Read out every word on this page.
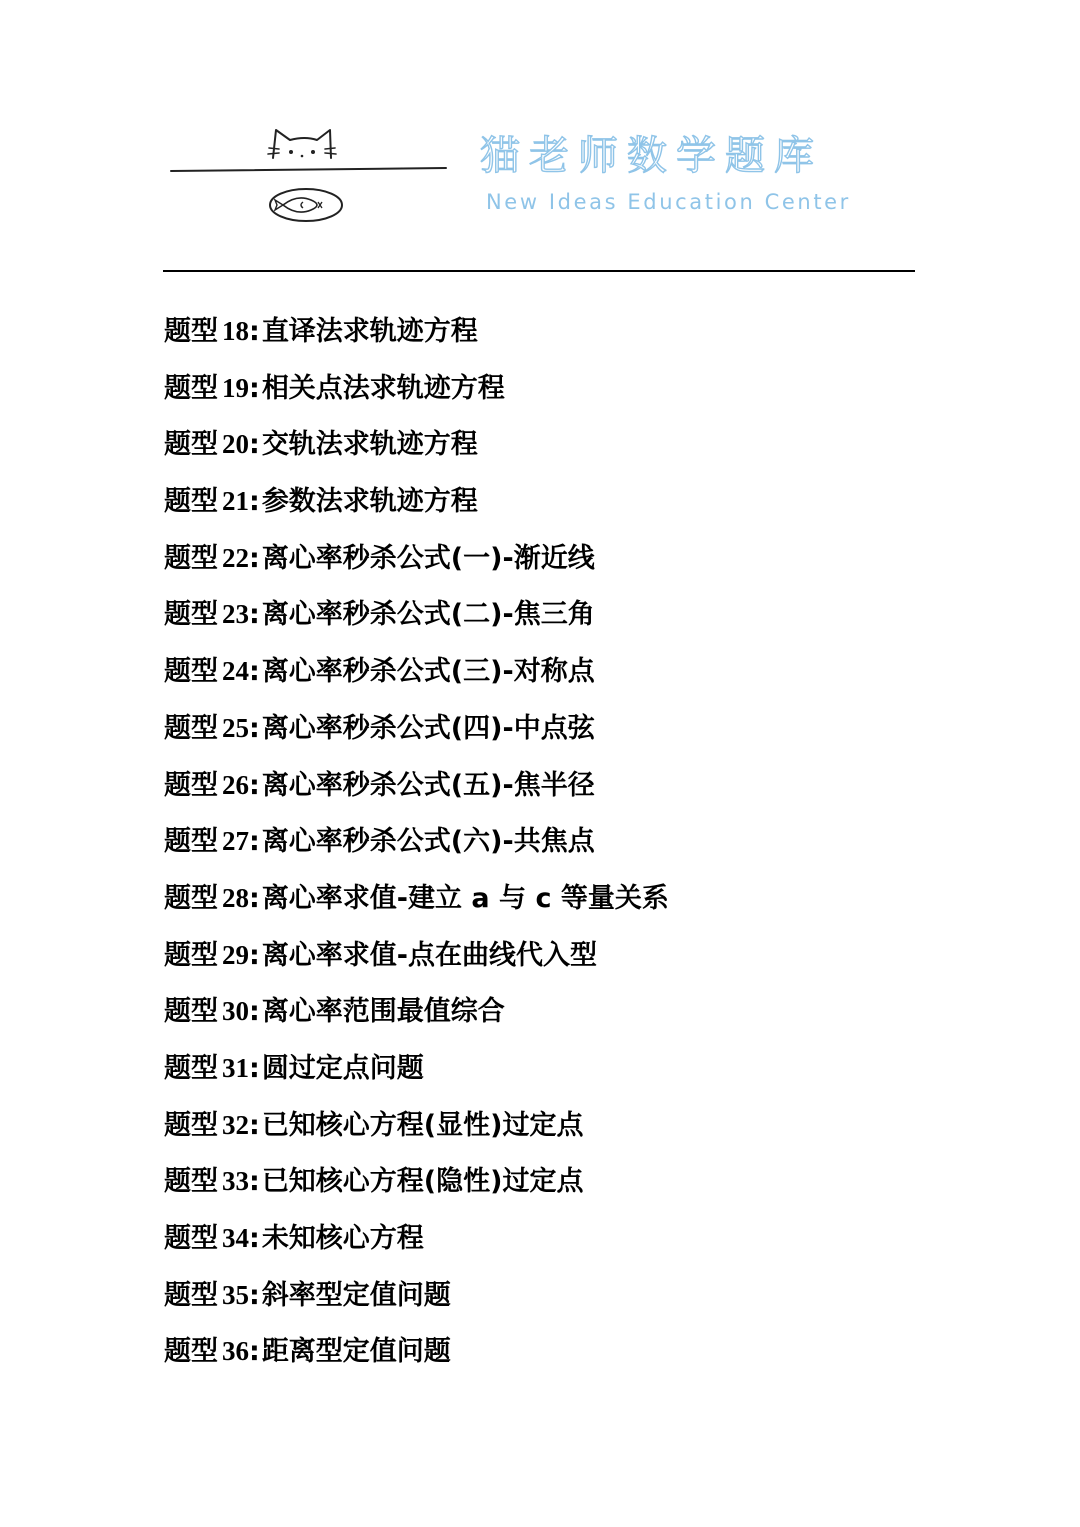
猫老师数学题库
New Ideas Education Center
题型 18:直译法求轨迹方程
题型 19:相关点法求轨迹方程
题型 20:交轨法求轨迹方程
题型 21:参数法求轨迹方程
题型 22:离心率秒杀公式(一)-渐近线
题型 23:离心率秒杀公式(二)-焦三角
题型 24:离心率秒杀公式(三)-对称点
题型 25:离心率秒杀公式(四)-中点弦
题型 26:离心率秒杀公式(五)-焦半径
题型 27:离心率秒杀公式(六)-共焦点
题型 28:离心率求值-建立 a 与 c 等量关系
题型 29:离心率求值-点在曲线代入型
题型 30:离心率范围最值综合
题型 31:圆过定点问题
题型 32:已知核心方程(显性)过定点
题型 33:已知核心方程(隐性)过定点
题型 34:未知核心方程
题型 35:斜率型定值问题
题型 36:距离型定值问题
